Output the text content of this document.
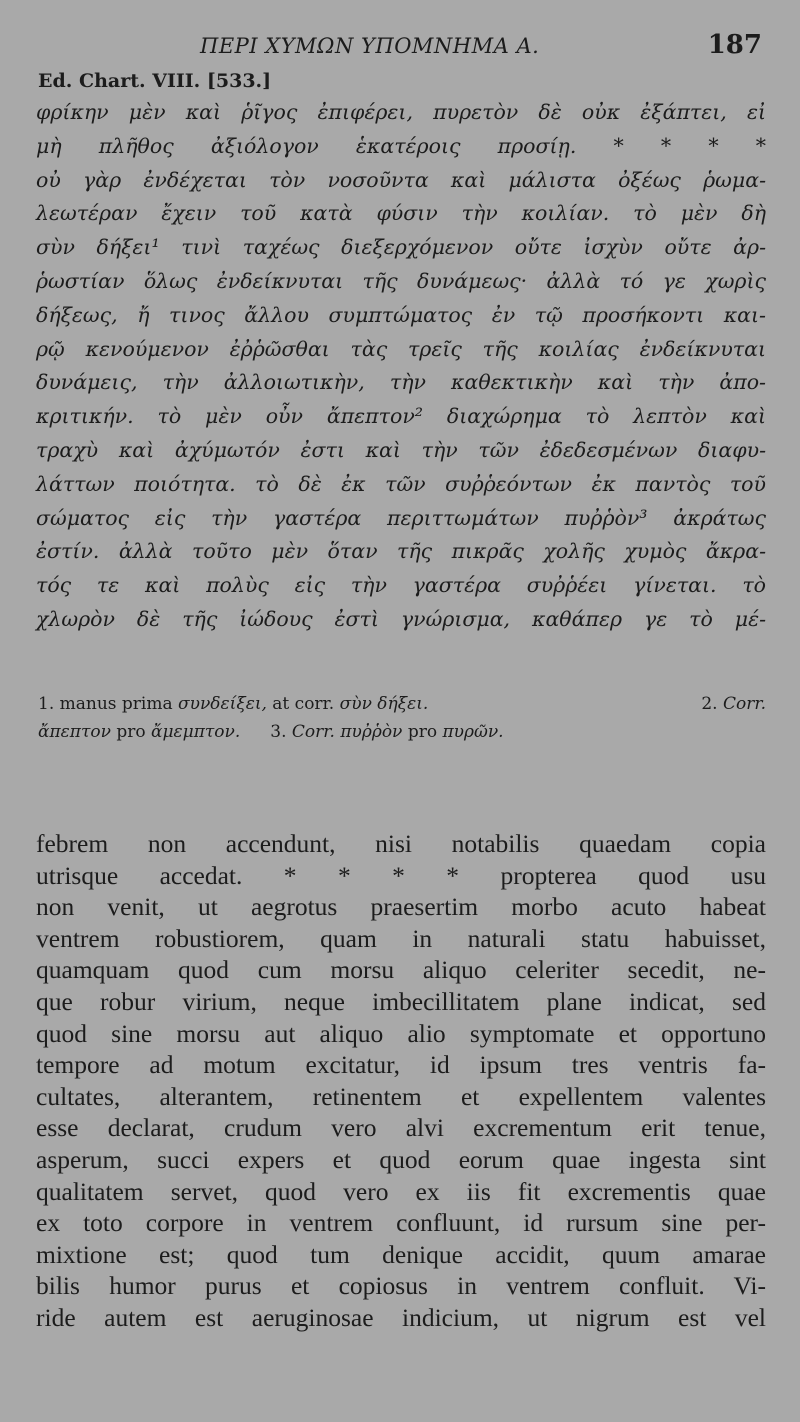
ΠΕΡΙ ΧΥΜΩΝ ΥΠΟΜΝΗΜΑ Α.	187
Ed. Chart. VIII. [533.]
φρίκην μὲν καὶ ῥῖγος ἐπιφέρει, πυρετὸν δὲ οὐκ ἐξάπτει, εἰ
μὴ πλῆθος ἀξιόλογον ἑκατέροις προσίῃ. * * * *
οὐ γὰρ ἐνδέχεται τὸν νοσοῦντα καὶ μάλιστα ὀξέως ῥωμα-
λεωτέραν ἔχειν τοῦ κατὰ φύσιν τὴν κοιλίαν. τὸ μὲν δὴ
σὺν δήξει¹ τινὶ ταχέως διεξερχόμενον οὔτε ἰσχὺν οὔτε ἀρ-
ῥωστίαν ὅλως ἐνδείκνυται τῆς δυνάμεως· ἀλλὰ τό γε χωρὶς
δήξεως, ἤ τινος ἄλλου συμπτώματος ἐν τῷ προσήκοντι και-
ρῷ κενούμενον ἐῤῥῶσθαι τὰς τρεῖς τῆς κοιλίας ἐνδείκνυται
δυνάμεις, τὴν ἀλλοιωτικὴν, τὴν καθεκτικὴν καὶ τὴν ἀπο-
κριτικήν. τὸ μὲν οὖν ἄπεπτον² διαχώρημα τὸ λεπτὸν καὶ
τραχὺ καὶ ἀχύμωτόν ἐστι καὶ τὴν τῶν ἐδεδεσμένων διαφυ-
λάττων ποιότητα. τὸ δὲ ἐκ τῶν συῤῥεόντων ἐκ παντὸς τοῦ
σώματος εἰς τὴν γαστέρα περιττωμάτων πυῤῥὸν³ ἀκράτως
ἐστίν. ἀλλὰ τοῦτο μὲν ὅταν τῆς πικρᾶς χολῆς χυμὸς ἄκρα-
τός τε καὶ πολὺς εἰς τὴν γαστέρα συῤῥέει γίνεται. τὸ
χλωρὸν δὲ τῆς ἰώδους ἐστὶ γνώρισμα, καθάπερ γε τὸ μέ-
1. manus prima συνδείξει, at corr. σὺν δήξει.	2. Corr.
ἄπεπτον pro ἄμεμπτον. 3. Corr. πυῤῥὸν pro πυρῶν.
febrem non accendunt, nisi notabilis quaedam copia
utrisque accedat. * * * * propterea quod usu
non venit, ut aegrotus praesertim morbo acuto habeat
ventrem robustiorem, quam in naturali statu habuisset,
quamquam quod cum morsu aliquo celeriter secedit, ne-
que robur virium, neque imbecillitatem plane indicat, sed
quod sine morsu aut aliquo alio symptomate et opportuno
tempore ad motum excitatur, id ipsum tres ventris fa-
cultates, alterantem, retinentem et expellentem valentes
esse declarat, crudum vero alvi excrementum erit tenue,
asperum, succi expers et quod eorum quae ingesta sint
qualitatem servet, quod vero ex iis fit excrementis quae
ex toto corpore in ventrem confluunt, id rursum sine per-
mixtione est; quod tum denique accidit, quum amarae
bilis humor purus et copiosus in ventrem confluit. Vi-
ride autem est aeruginosae indicium, ut nigrum est vel
